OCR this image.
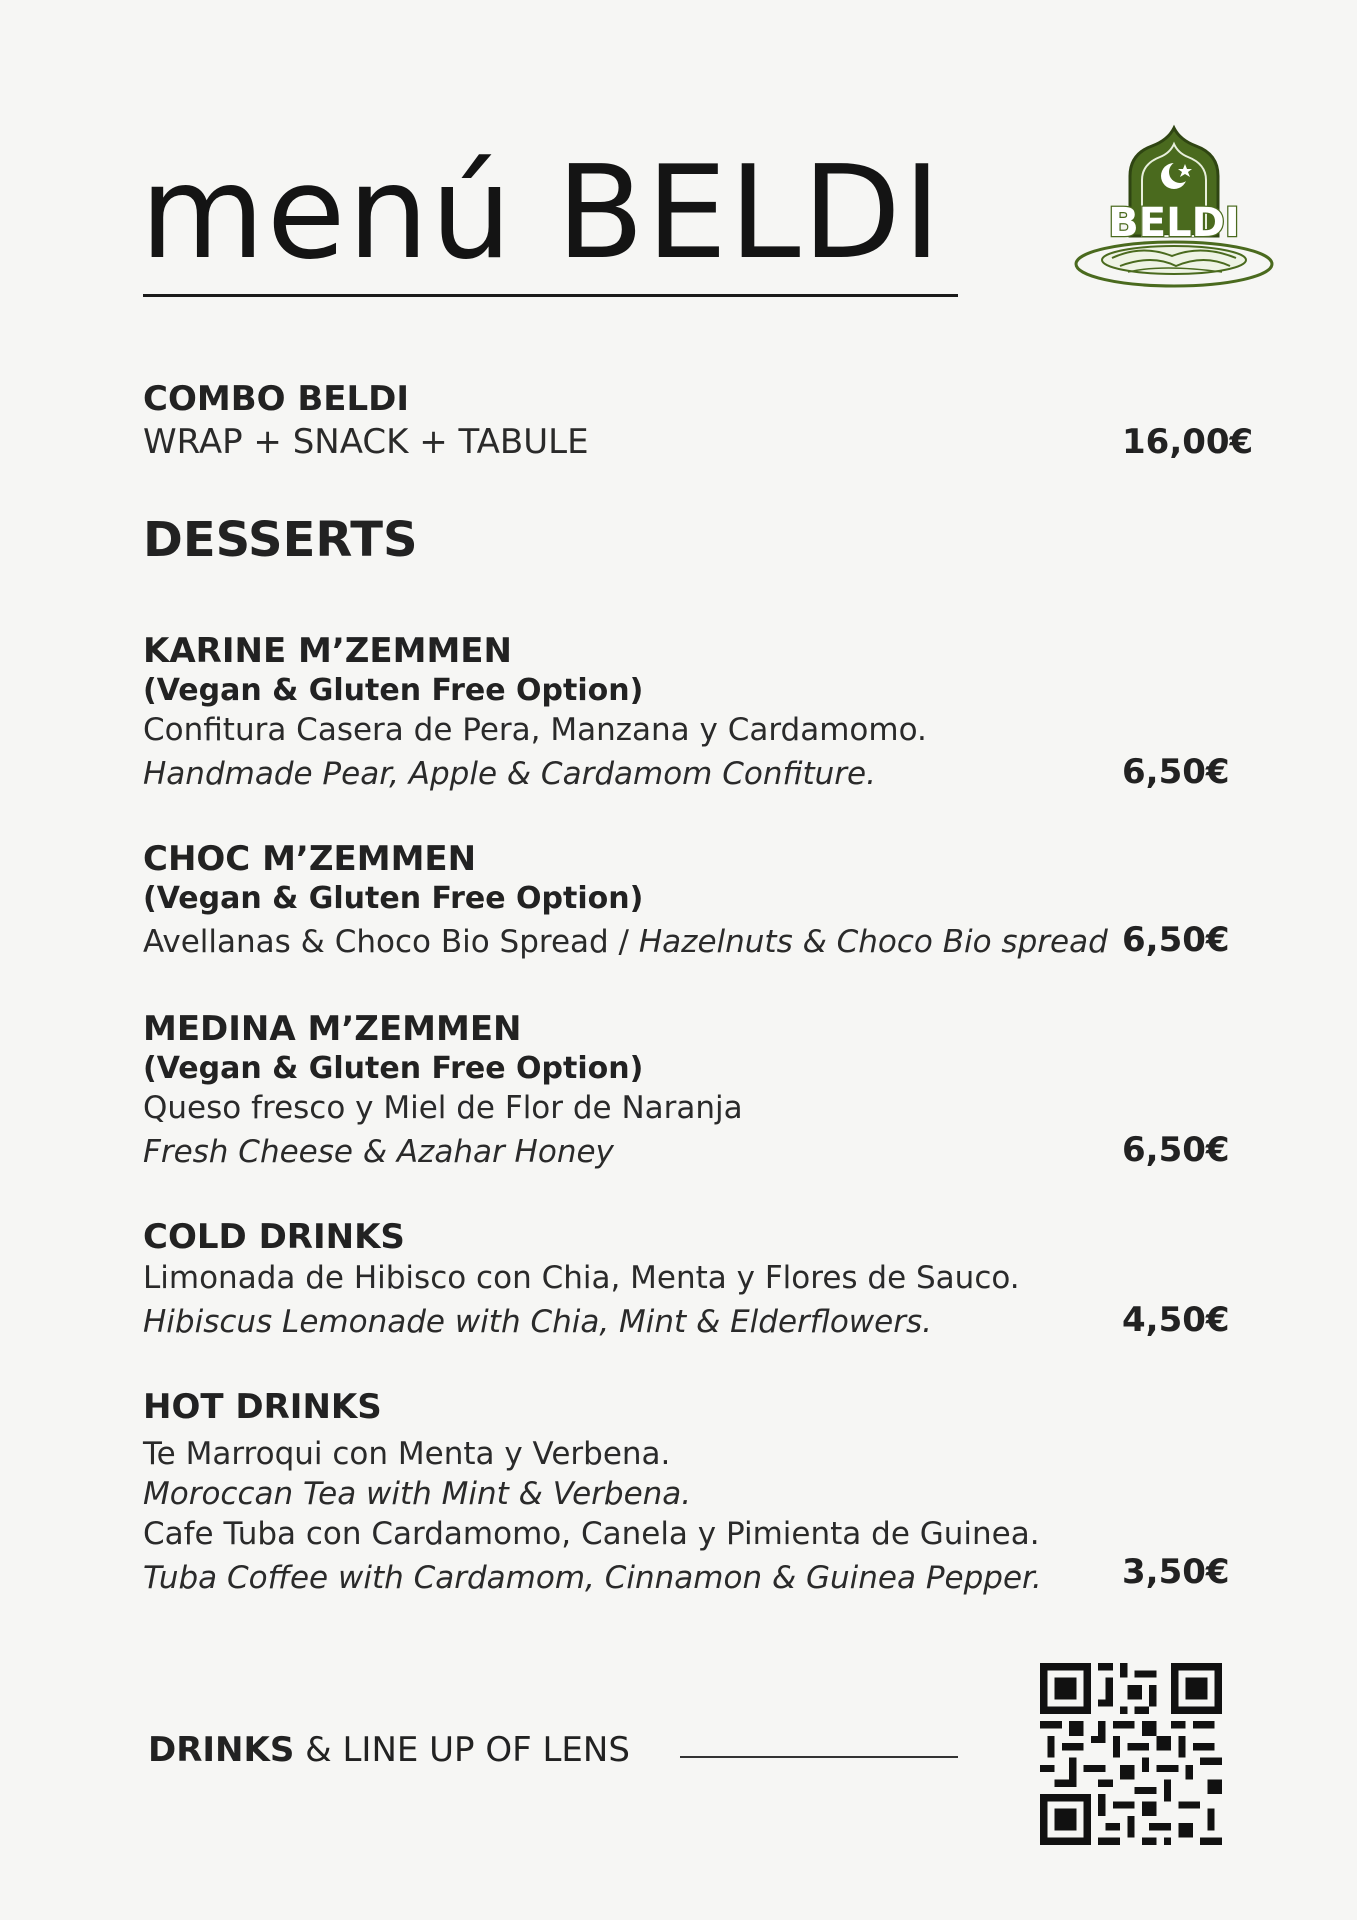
menú BELDI	BELDI
COMBO BELDI
WRAP + SNACK + TABULE	16,00€
DESSERTS
KARINE M’ZEMMEN
(Vegan & Gluten Free Option)
Confitura Casera de Pera, Manzana y Cardamomo.
Handmade Pear, Apple & Cardamom Confiture.	6,50€
CHOC M’ZEMMEN
(Vegan & Gluten Free Option)
Avellanas & Choco Bio Spread / Hazelnuts & Choco Bio spread 6,50€
MEDINA M’ZEMMEN
(Vegan & Gluten Free Option)
Queso fresco y Miel de Flor de Naranja
Fresh Cheese & Azahar Honey	6,50€
COLD DRINKS
Limonada de Hibisco con Chia, Menta y Flores de Sauco.
Hibiscus Lemonade with Chia, Mint & Elderflowers.	4,50€
HOT DRINKS
Te Marroqui con Menta y Verbena.
Moroccan Tea with Mint & Verbena.
Cafe Tuba con Cardamomo, Canela y Pimienta de Guinea.
Tuba Coffee with Cardamom, Cinnamon & Guinea Pepper.	3,50€
DRINKS & LINE UP OF LENS
